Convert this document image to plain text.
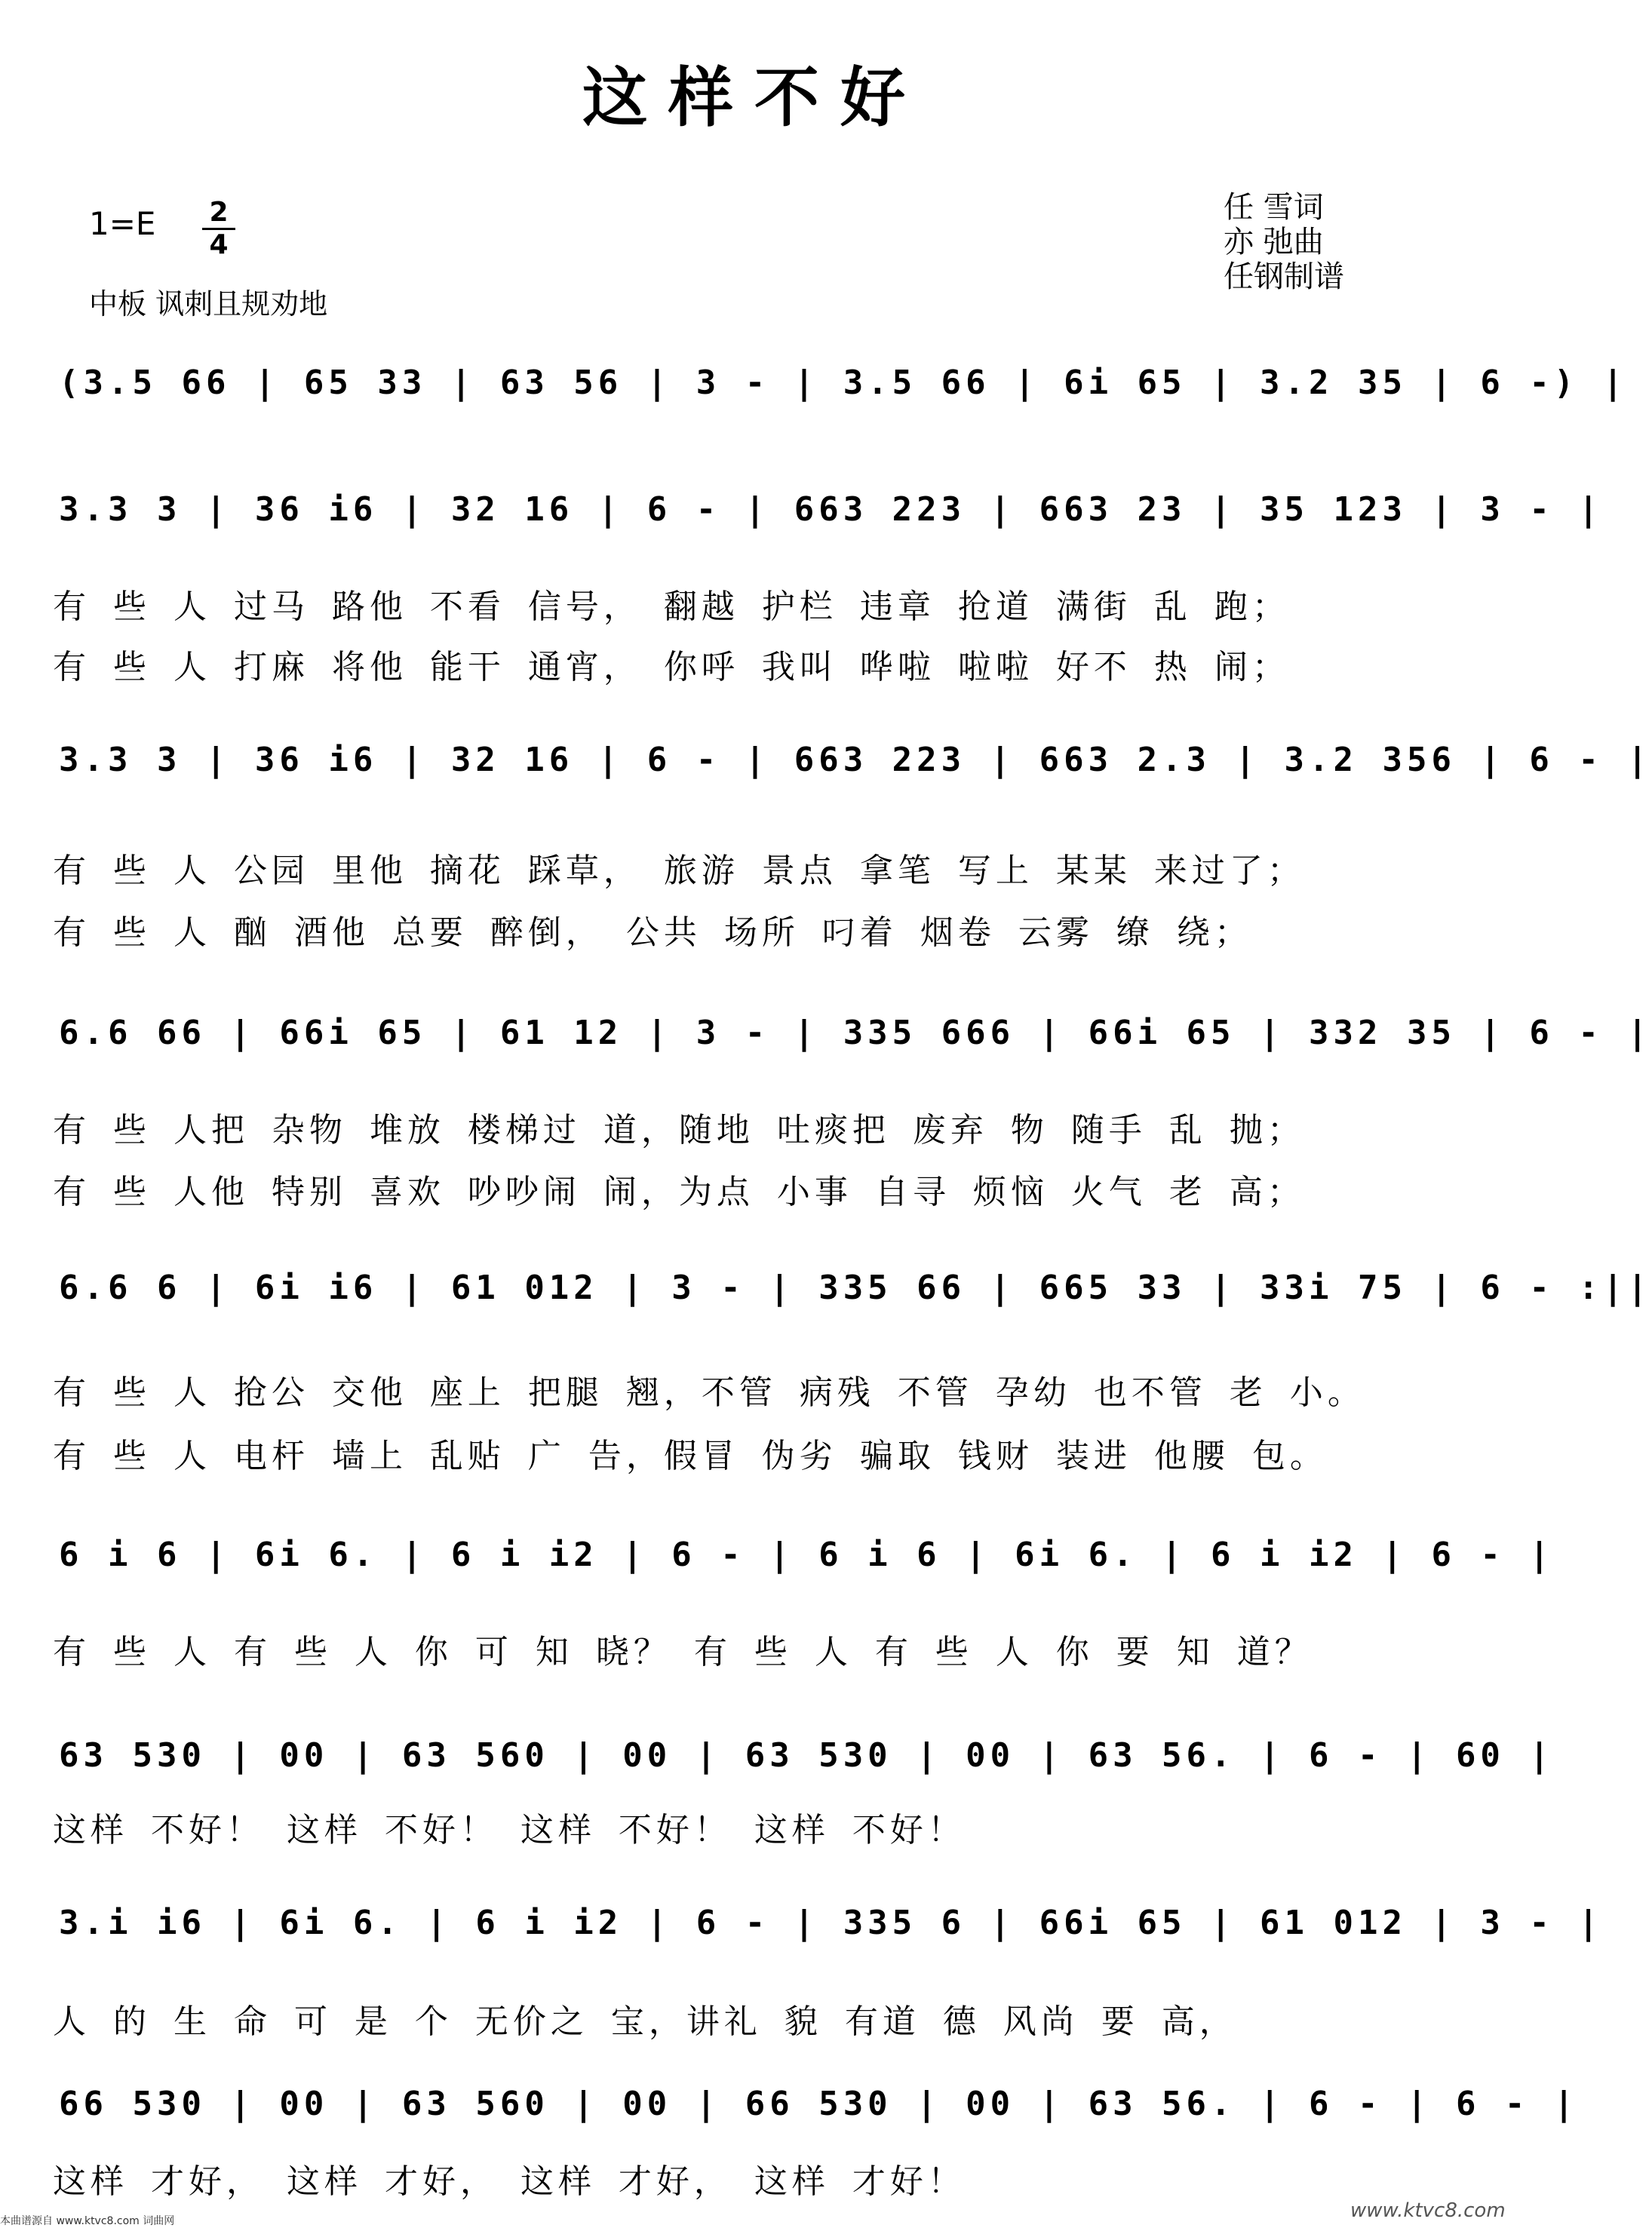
这样不好
1=E 2
4
中板 讽刺且规劝地
任 雪词
亦 弛曲
任钢制谱
(3.5 66 | 65 33 | 63 56 | 3 - | 3.5 66 | 6i 65 | 3.2 35 | 6 -) |
3.3 3 | 36 i6 | 32 16 | 6 - | 663 223 | 663 23 | 35 123 | 3 - |
有 些 人 过马 路他 不看 信号， 翻越 护栏 违章 抢道 满街 乱 跑；
有 些 人 打麻 将他 能干 通宵， 你呼 我叫 哗啦 啦啦 好不 热 闹；
3.3 3 | 36 i6 | 32 16 | 6 - | 663 223 | 663 2.3 | 3.2 356 | 6 - |
有 些 人 公园 里他 摘花 踩草， 旅游 景点 拿笔 写上 某某 来过了；
有 些 人 酗 酒他 总要 醉倒， 公共 场所 叼着 烟卷 云雾 缭 绕；
6.6 66 | 66i 65 | 61 12 | 3 - | 335 666 | 66i 65 | 332 35 | 6 - |
有 些 人把 杂物 堆放 楼梯过 道，随地 吐痰把 废弃 物 随手 乱 抛；
有 些 人他 特别 喜欢 吵吵闹 闹，为点 小事 自寻 烦恼 火气 老 高；
6.6 6 | 6i i6 | 61 012 | 3 - | 335 66 | 665 33 | 33i 75 | 6 - :||
有 些 人 抢公 交他 座上 把腿 翘，不管 病残 不管 孕幼 也不管 老 小。
有 些 人 电杆 墙上 乱贴 广 告，假冒 伪劣 骗取 钱财 装进 他腰 包。
6 i 6 | 6i 6. | 6 i i2 | 6 - | 6 i 6 | 6i 6. | 6 i i2 | 6 - |
有 些 人 有 些 人 你 可 知 晓？ 有 些 人 有 些 人 你 要 知 道？
63 530 | 00 | 63 560 | 00 | 63 530 | 00 | 63 56. | 6 - | 60 |
这样 不好！ 这样 不好！ 这样 不好！ 这样 不好！
3.i i6 | 6i 6. | 6 i i2 | 6 - | 335 6 | 66i 65 | 61 012 | 3 - |
人 的 生 命 可 是 个 无价之 宝，讲礼 貌 有道 德 风尚 要 高，
66 530 | 00 | 63 560 | 00 | 66 530 | 00 | 63 56. | 6 - | 6 - |
这样 才好， 这样 才好， 这样 才好， 这样 才好！
www.ktvc8.com
本曲谱源自 www.ktvc8.com 词曲网
